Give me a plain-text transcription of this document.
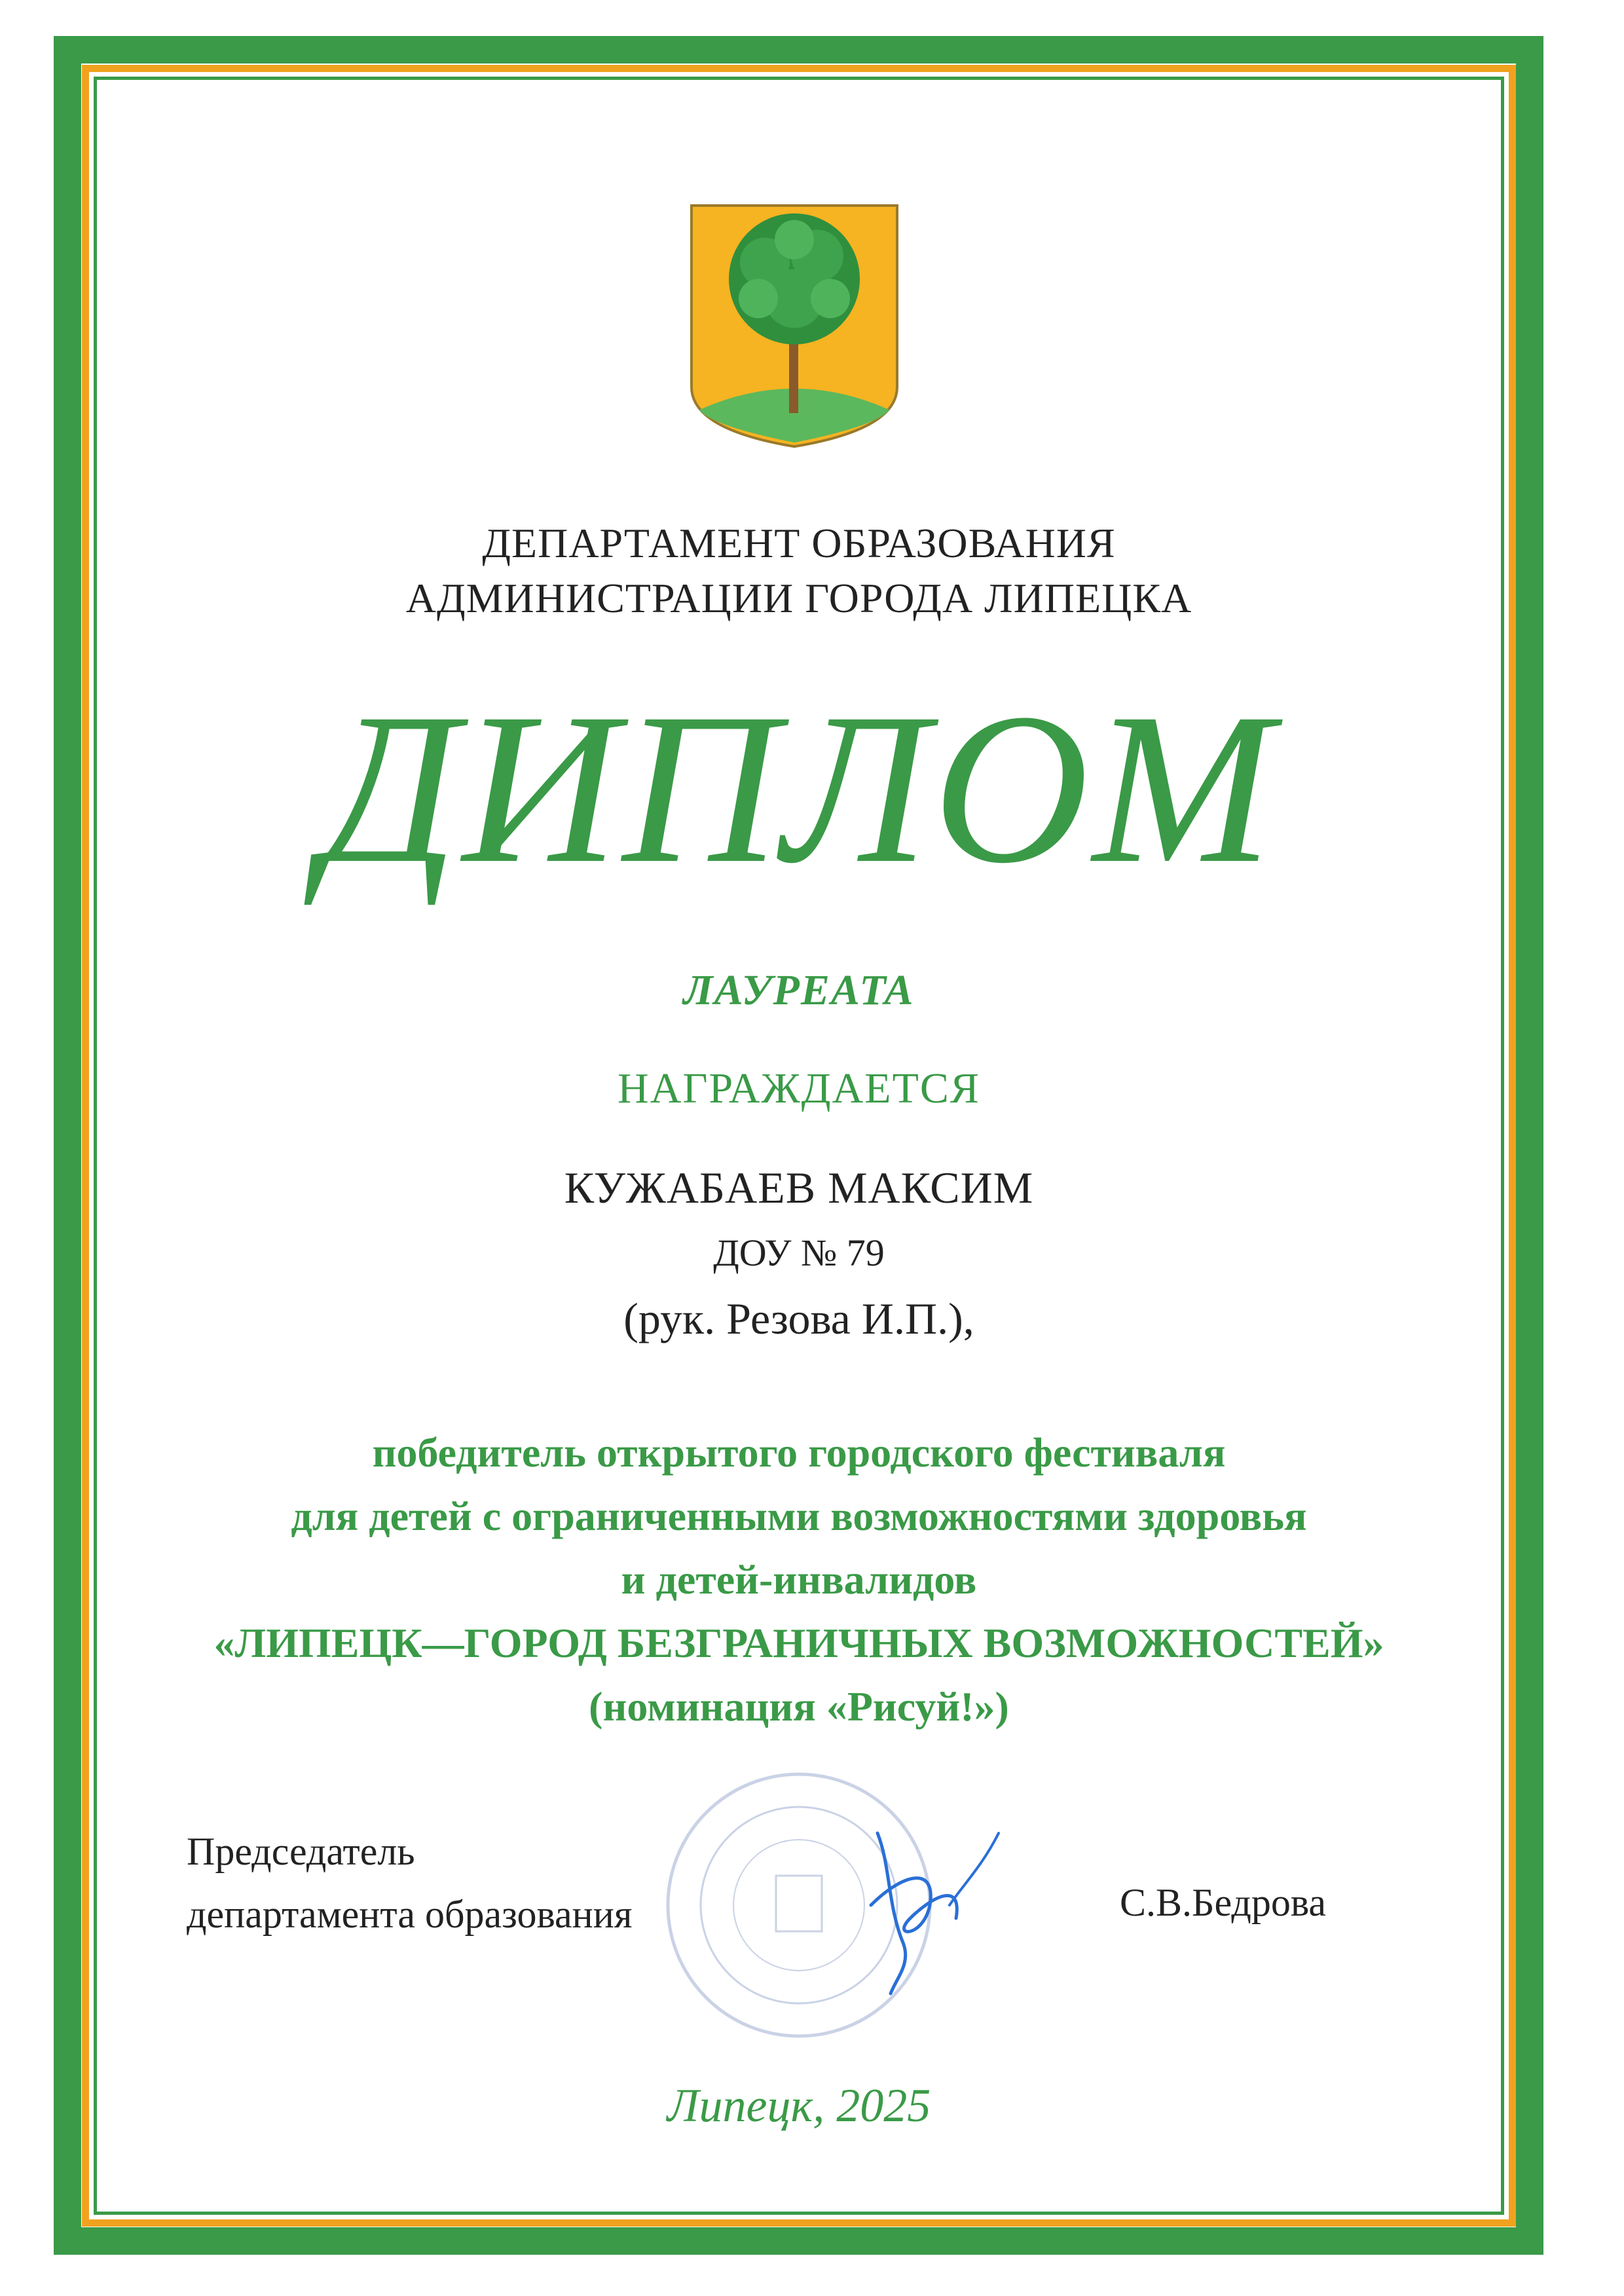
ДЕПАРТАМЕНТ ОБРАЗОВАНИЯ
АДМИНИСТРАЦИИ ГОРОДА ЛИПЕЦКА
ДИПЛОМ
ЛАУРЕАТА
НАГРАЖДАЕТСЯ
КУЖАБАЕВ МАКСИМ
ДОУ № 79
(рук. Резова И.П.),
победитель открытого городского фестиваля
для детей с ограниченными возможностями здоровья
и детей-инвалидов
«ЛИПЕЦК—ГОРОД БЕЗГРАНИЧНЫХ ВОЗМОЖНОСТЕЙ»
(номинация «Рисуй!»)
Председатель
департамента образования	С.В.Бедрова
Липецк, 2025
